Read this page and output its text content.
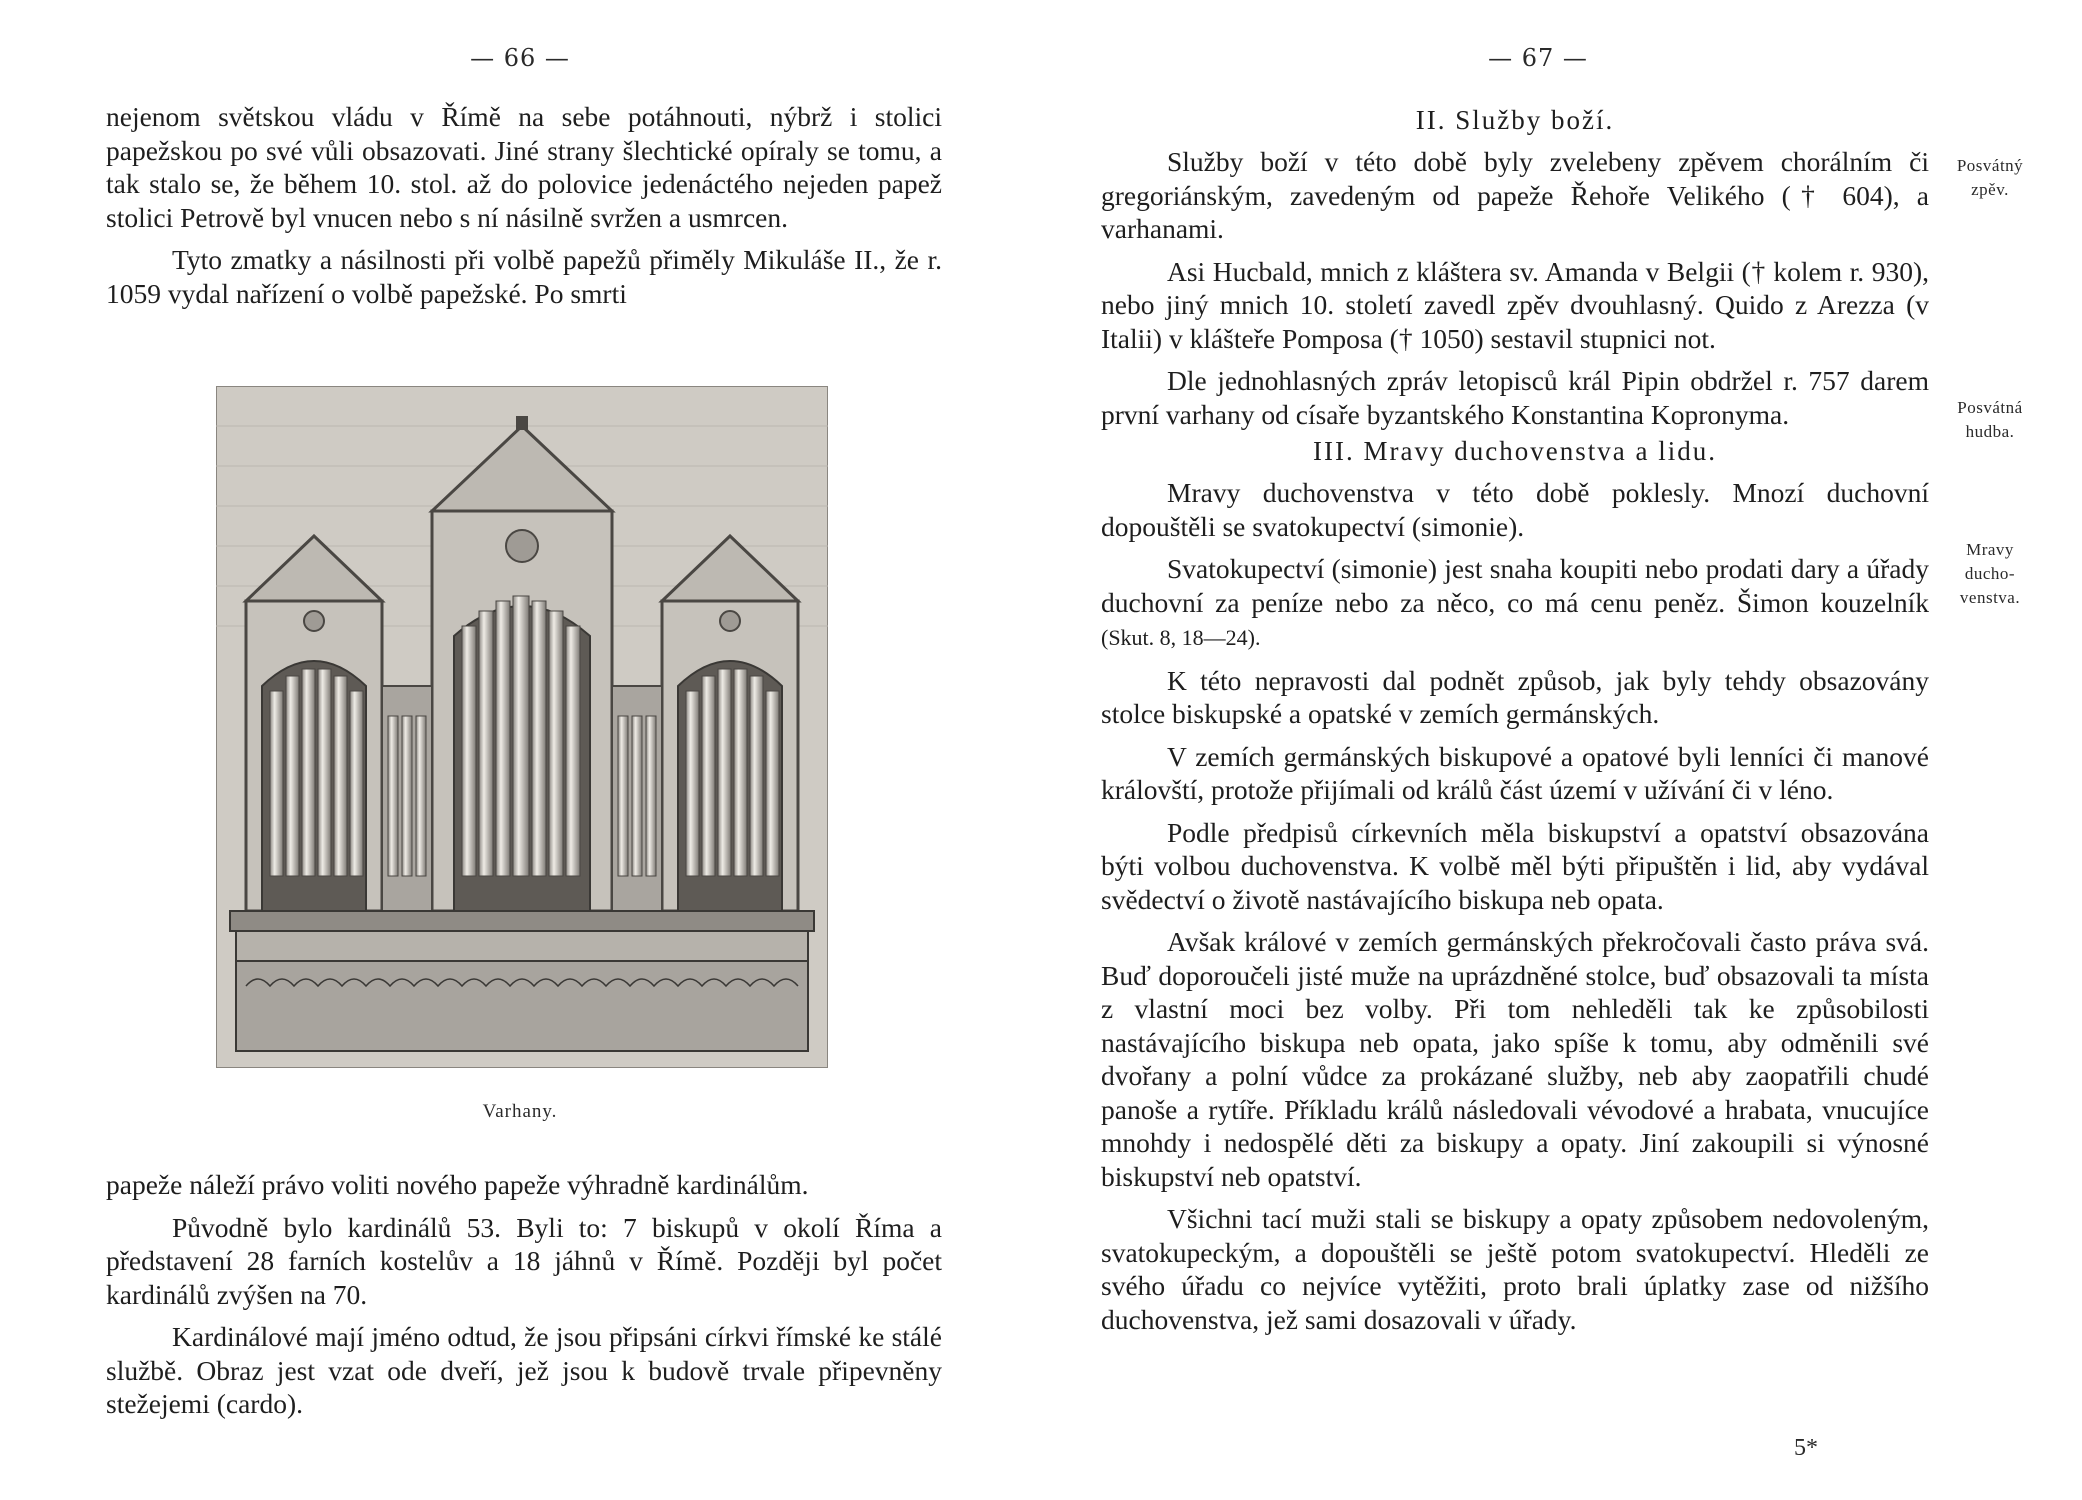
— 66 —

nejenom světskou vládu v Římě na sebe potáhnouti, nýbrž i stolici papežskou po své vůli obsazovati. Jiné strany šlechtické opíraly se tomu, a tak stalo se, že během 10. stol. až do polovice jedenáctého nejeden papež stolici Petrově byl vnucen nebo s ní násilně svržen a usmrcen.

Tyto zmatky a násilnosti při volbě papežů přiměly Mikuláše II., že r. 1059 vydal nařízení o volbě papežské. Po smrti

Varhany.

papeže náleží právo voliti nového papeže výhradně kardinálům.

Původně bylo kardinálů 53. Byli to: 7 biskupů v okolí Říma a představení 28 farních kostelův a 18 jáhnů v Římě. Později byl počet kardinálů zvýšen na 70.

Kardinálové mají jméno odtud, že jsou připsáni církvi římské ke stálé službě. Obraz jest vzat ode dveří, jež jsou k budově trvale připevněny stežejemi (cardo).

— 67 —

II. Služby boží.

Služby boží v této době byly zvelebeny zpěvem chorálním či gregoriánským, zavedeným od papeže Řehoře Velikého († 604), a varhanami.

Asi Hucbald, mnich z kláštera sv. Amanda v Belgii († kolem r. 930), nebo jiný mnich 10. století zavedl zpěv dvouhlasný. Quido z Arezza (v Italii) v klášteře Pomposa († 1050) sestavil stupnici not.

Dle jednohlasných zpráv letopisců král Pipin obdržel r. 757 darem první varhany od císaře byzantského Konstantina Kopronyma.

III. Mravy duchovenstva a lidu.

Mravy duchovenstva v této době poklesly. Mnozí duchovní dopouštěli se svatokupectví (simonie).

Svatokupectví (simonie) jest snaha koupiti nebo prodati dary a úřady duchovní za peníze nebo za něco, co má cenu peněz. Šimon kouzelník (Skut. 8, 18—24).

K této nepravosti dal podnět způsob, jak byly tehdy obsazovány stolce biskupské a opatské v zemích germánských.

V zemích germánských biskupové a opatové byli lenníci či manové královští, protože přijímali od králů část území v užívání či v léno.

Podle předpisů církevních měla biskupství a opatství obsazována býti volbou duchovenstva. K volbě měl býti připuštěn i lid, aby vydával svědectví o životě nastávajícího biskupa neb opata.

Avšak králové v zemích germánských překročovali často práva svá. Buď doporoučeli jisté muže na uprázdněné stolce, buď obsazovali ta místa z vlastní moci bez volby. Při tom nehleděli tak ke způsobilosti nastávajícího biskupa neb opata, jako spíše k tomu, aby odměnili své dvořany a polní vůdce za prokázané služby, neb aby zaopatřili chudé panoše a rytíře. Příkladu králů následovali vévodové a hrabata, vnucujíce mnohdy i nedospělé děti za biskupy a opaty. Jiní zakoupili si výnosné biskupství neb opatství.

Všichni tací muži stali se biskupy a opaty způsobem nedovoleným, svatokupeckým, a dopouštěli se ještě potom svatokupectví. Hleděli ze svého úřadu co nejvíce vytěžiti, proto brali úplatky zase od nižšího duchovenstva, jež sami dosazovali v úřady.

Posvátný
zpěv.
Posvátná
hudba.
Mravy
ducho-
venstva.
5*
